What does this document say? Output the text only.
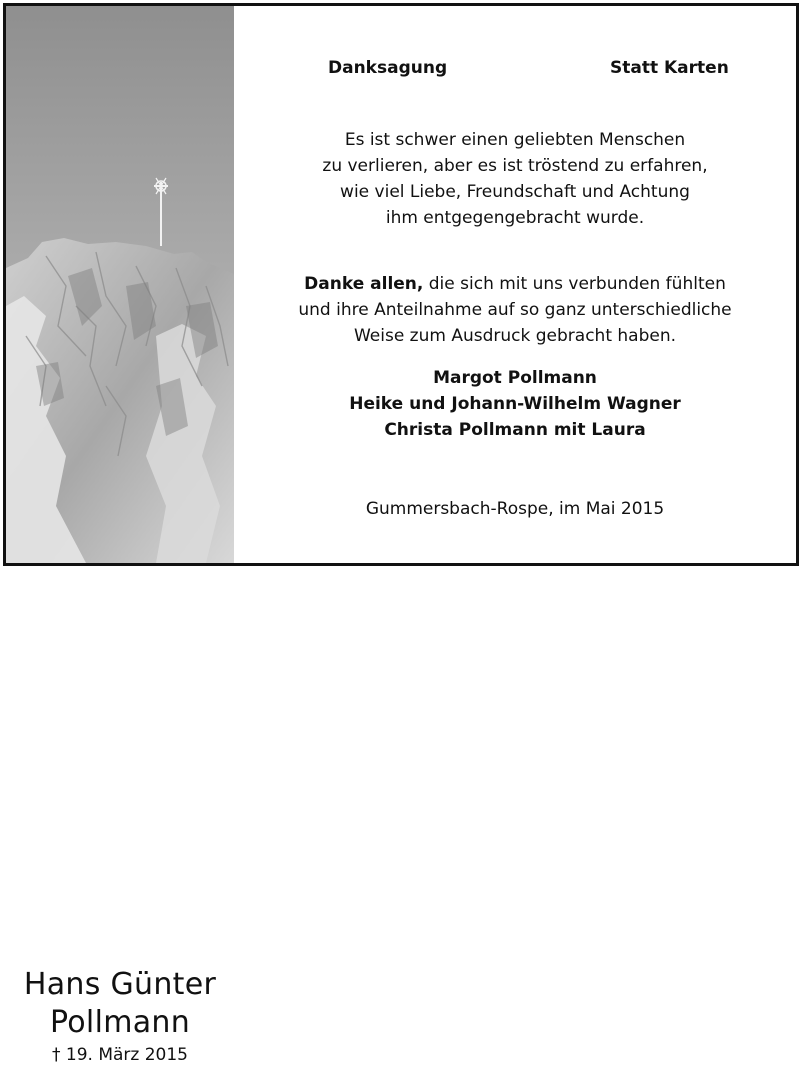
Hans Günter
Pollmann
† 19. März 2015
Danksagung	Statt Karten
Es ist schwer einen geliebten Menschen
zu verlieren, aber es ist tröstend zu erfahren,
wie viel Liebe, Freundschaft und Achtung
ihm entgegengebracht wurde.
Danke allen, die sich mit uns verbunden fühlten
und ihre Anteilnahme auf so ganz unterschiedliche
Weise zum Ausdruck gebracht haben.
Margot Pollmann
Heike und Johann-Wilhelm Wagner
Christa Pollmann mit Laura
Gummersbach-Rospe, im Mai 2015
